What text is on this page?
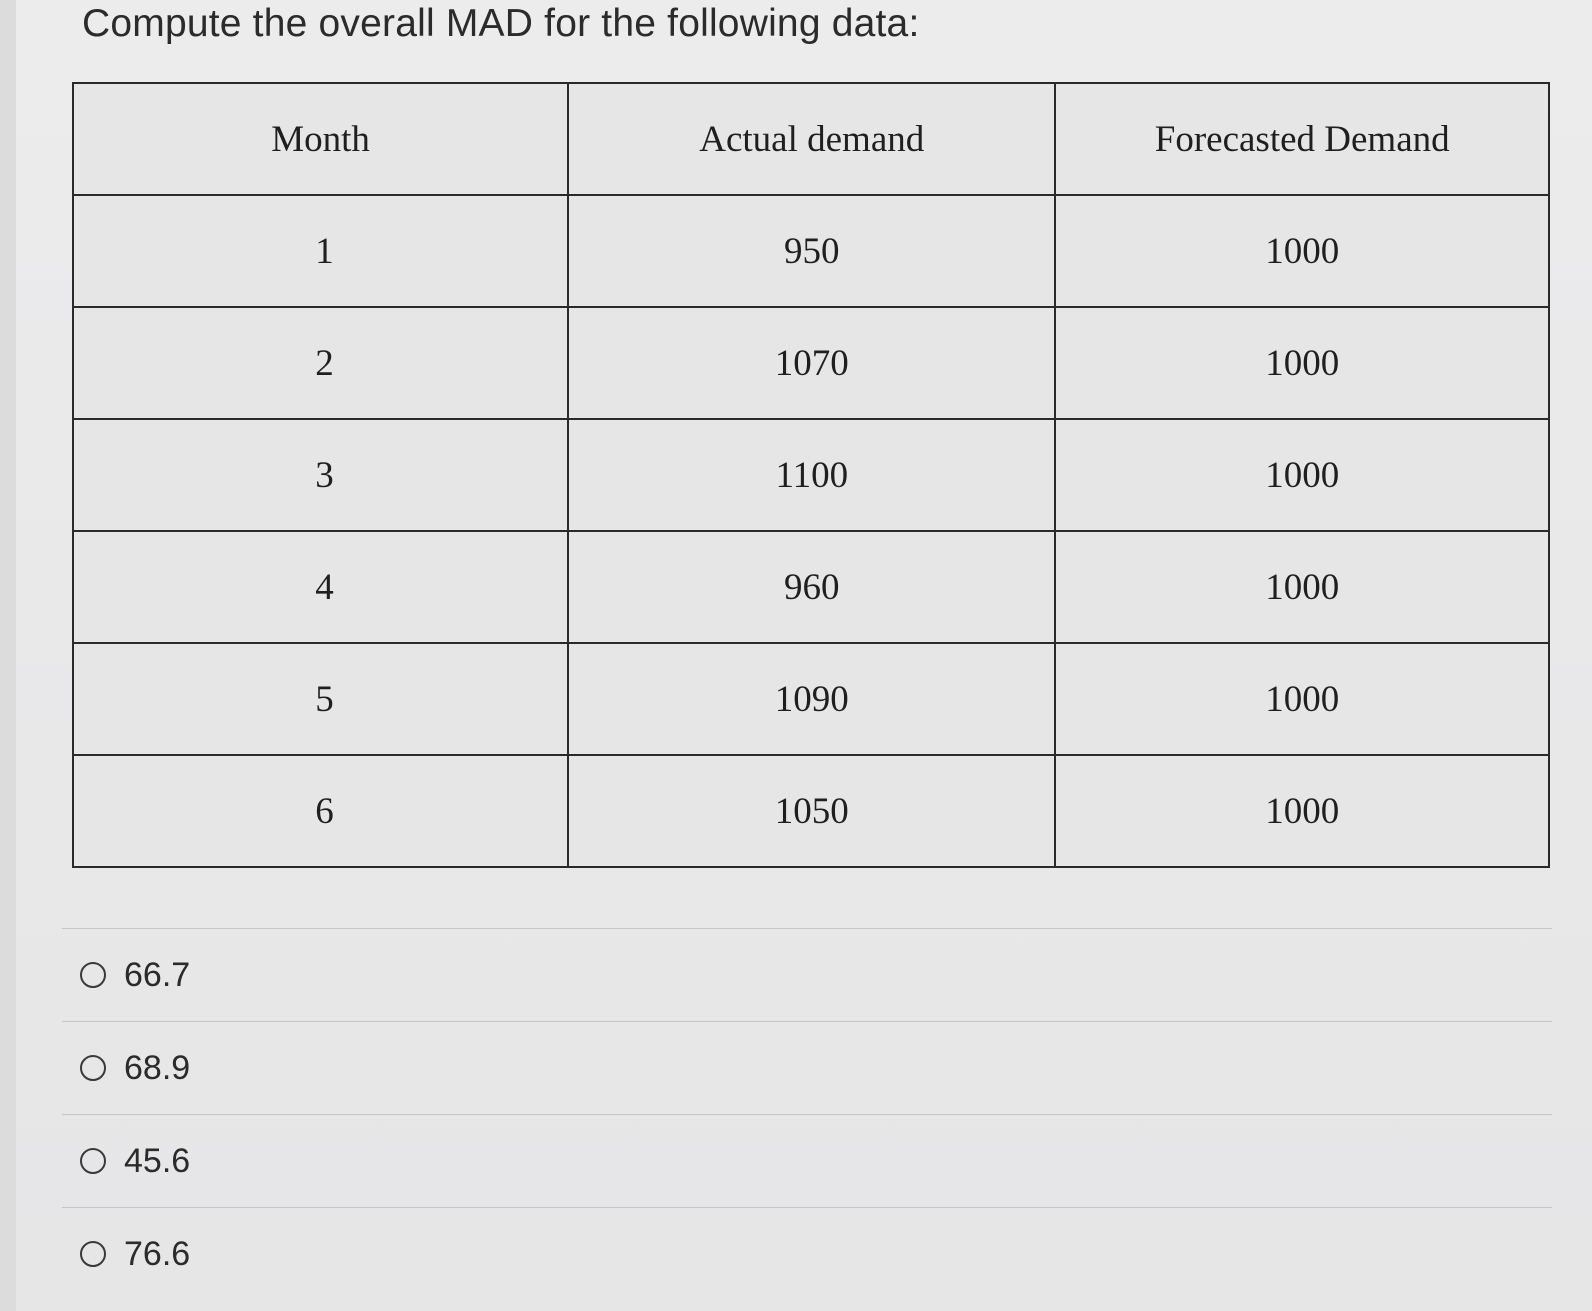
Compute the overall MAD for the following data:
Month	Actual demand	Forecasted Demand
1	950	1000
2	1070	1000
3	1100	1000
4	960	1000
5	1090	1000
6	1050	1000
66.7
68.9
45.6
76.6
